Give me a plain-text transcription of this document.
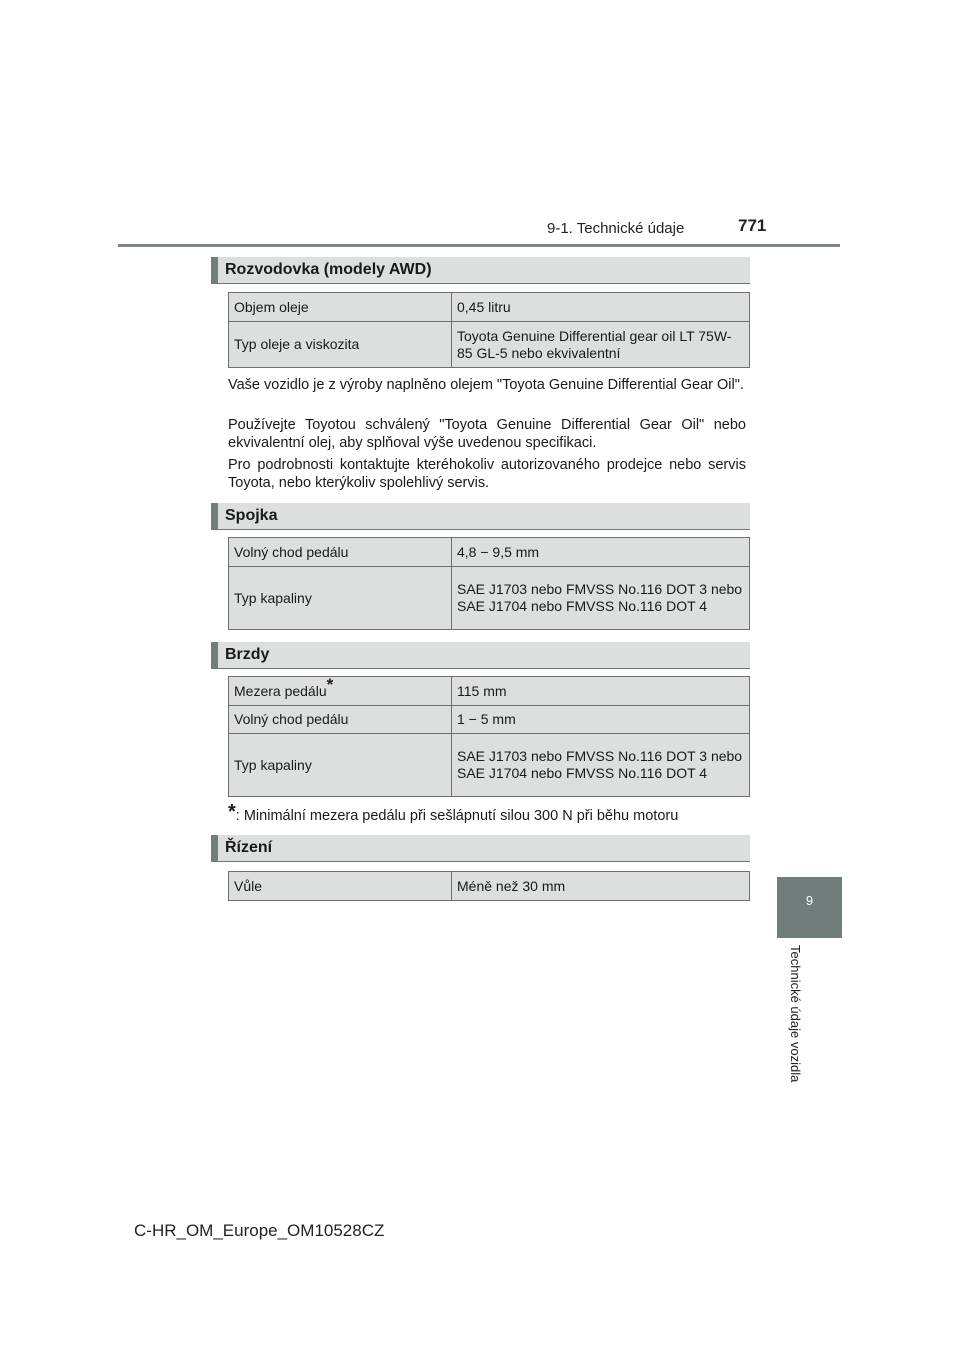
9-1. Technické údaje	771
9
Technické údaje vozidla
Rozvodovka (modely AWD)
Objem oleje	0,45 litru
Typ oleje a viskozita	Toyota Genuine Differential gear oil LT 75W-85 GL-5 nebo ekvivalentní
Vaše vozidlo je z výroby naplněno olejem "Toyota Genuine Differential Gear Oil".
Používejte Toyotou schválený "Toyota Genuine Differential Gear Oil" nebo ekvivalentní olej, aby splňoval výše uvedenou specifikaci.
Pro podrobnosti kontaktujte kteréhokoliv autorizovaného prodejce nebo servis Toyota, nebo kterýkoliv spolehlivý servis.
Spojka
Volný chod pedálu	4,8 − 9,5 mm
Typ kapaliny	SAE J1703 nebo FMVSS No.116 DOT 3 nebo SAE J1704 nebo FMVSS No.116 DOT 4
Brzdy
Mezera pedálu*	115 mm
Volný chod pedálu	1 − 5 mm
Typ kapaliny	SAE J1703 nebo FMVSS No.116 DOT 3 nebo SAE J1704 nebo FMVSS No.116 DOT 4
*: Minimální mezera pedálu při sešlápnutí silou 300 N při běhu motoru
Řízení
Vůle	Méně než 30 mm
C-HR_OM_Europe_OM10528CZ
